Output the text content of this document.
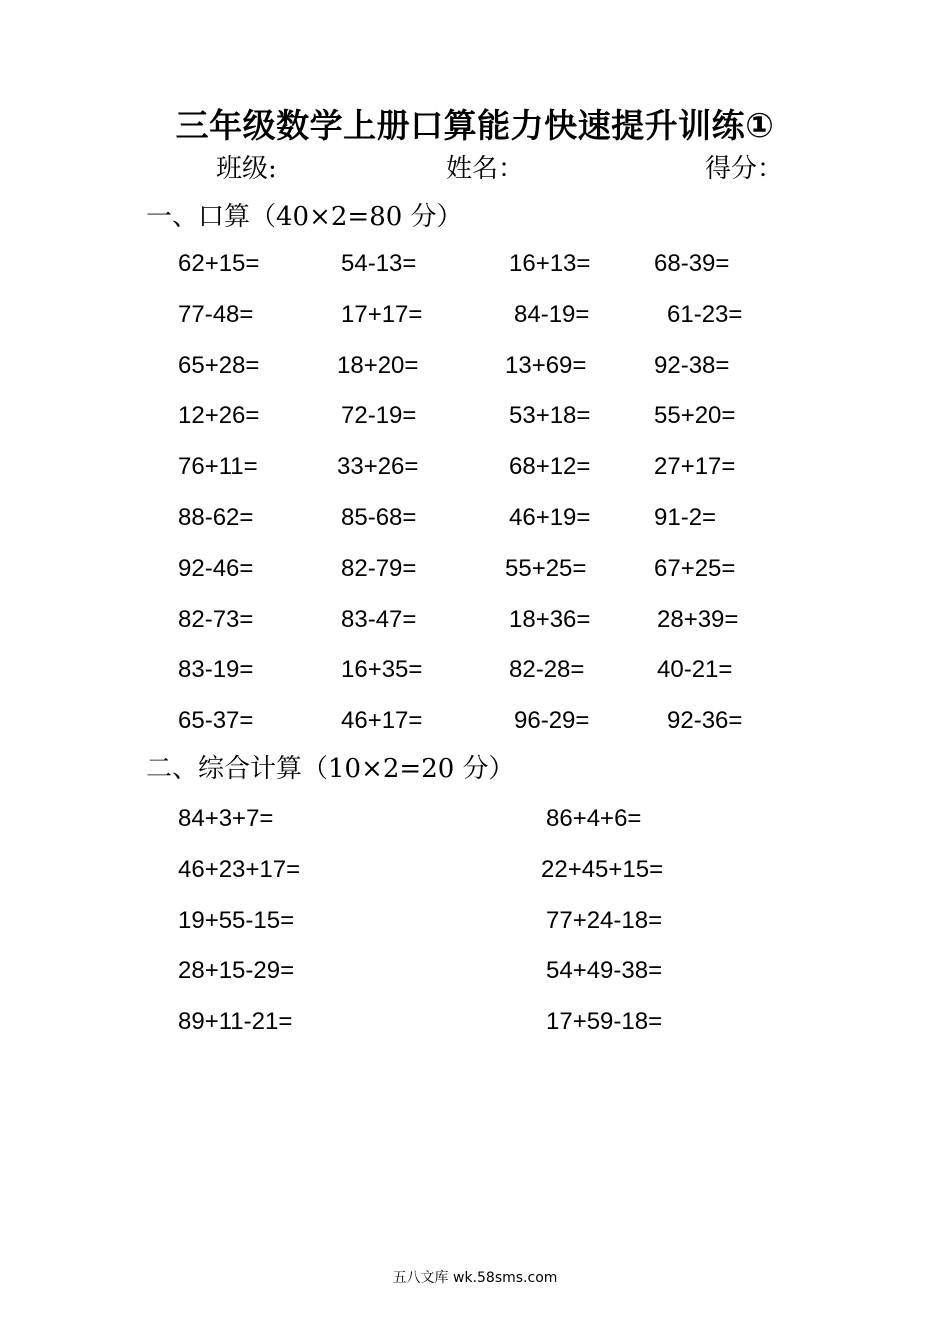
三年级数学上册口算能力快速提升训练①
班级:	姓名：	得分：
一、口算（40×2=80 分）
62+15=	54-13=	16+13=	68-39=
77-48=	17+17=	84-19=	61-23=
65+28=	18+20=	13+69=	92-38=
12+26=	72-19=	53+18=	55+20=
76+11=	33+26=	68+12=	27+17=
88-62=	85-68=	46+19=	91-2=
92-46=	82-79=	55+25=	67+25=
82-73=	83-47=	18+36=	28+39=
83-19=	16+35=	82-28=	40-21=
65-37=	46+17=	96-29=	92-36=
二、综合计算（10×2=20 分）
84+3+7=	86+4+6=
46+23+17=	22+45+15=
19+55-15=	77+24-18=
28+15-29=	54+49-38=
89+11-21=	17+59-18=
五八文库 wk.58sms.com
